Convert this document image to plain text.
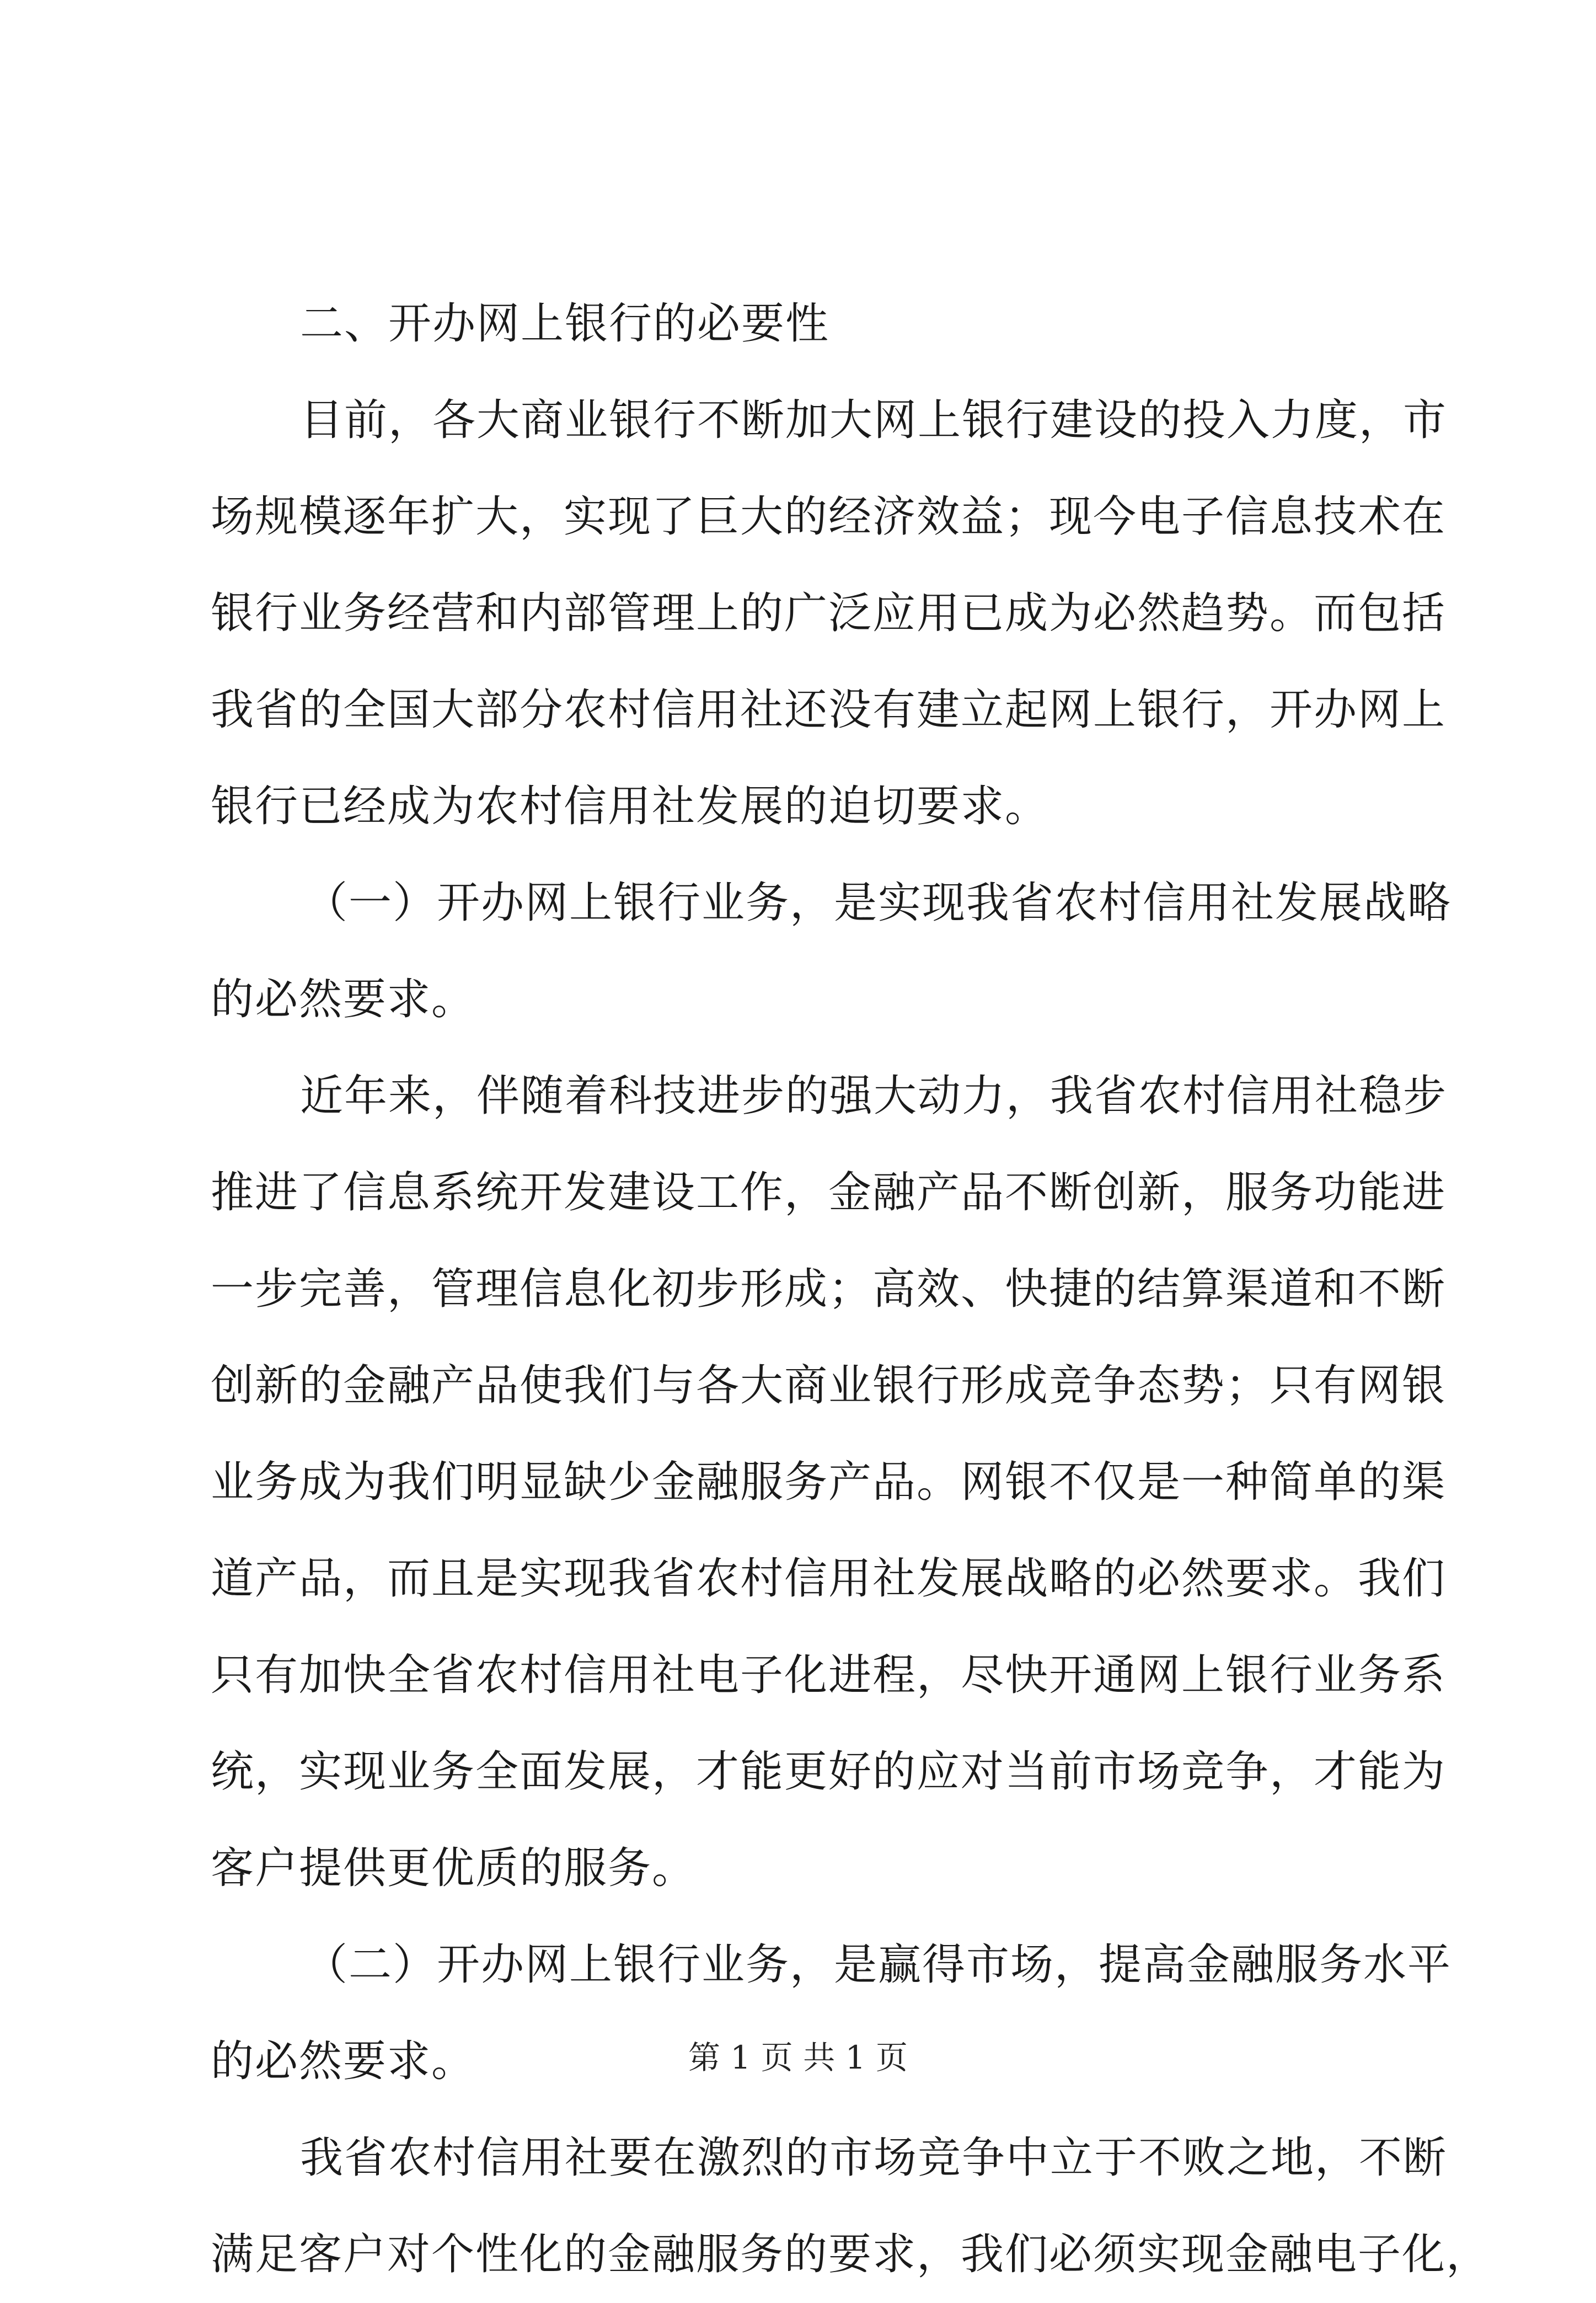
二、开办网上银行的必要性
目前，各大商业银行不断加大网上银行建设的投入力度，市
场规模逐年扩大，实现了巨大的经济效益；现今电子信息技术在
银行业务经营和内部管理上的广泛应用已成为必然趋势。而包括
我省的全国大部分农村信用社还没有建立起网上银行，开办网上
银行已经成为农村信用社发展的迫切要求。
（一）开办网上银行业务，是实现我省农村信用社发展战略
的必然要求。
近年来，伴随着科技进步的强大动力，我省农村信用社稳步
推进了信息系统开发建设工作，金融产品不断创新，服务功能进
一步完善，管理信息化初步形成；高效、快捷的结算渠道和不断
创新的金融产品使我们与各大商业银行形成竞争态势；只有网银
业务成为我们明显缺少金融服务产品。网银不仅是一种简单的渠
道产品，而且是实现我省农村信用社发展战略的必然要求。我们
只有加快全省农村信用社电子化进程，尽快开通网上银行业务系
统，实现业务全面发展，才能更好的应对当前市场竞争，才能为
客户提供更优质的服务。
（二）开办网上银行业务，是赢得市场，提高金融服务水平
的必然要求。
我省农村信用社要在激烈的市场竞争中立于不败之地，不断
满足客户对个性化的金融服务的要求，我们必须实现金融电子化，
第 1 页 共 1 页
